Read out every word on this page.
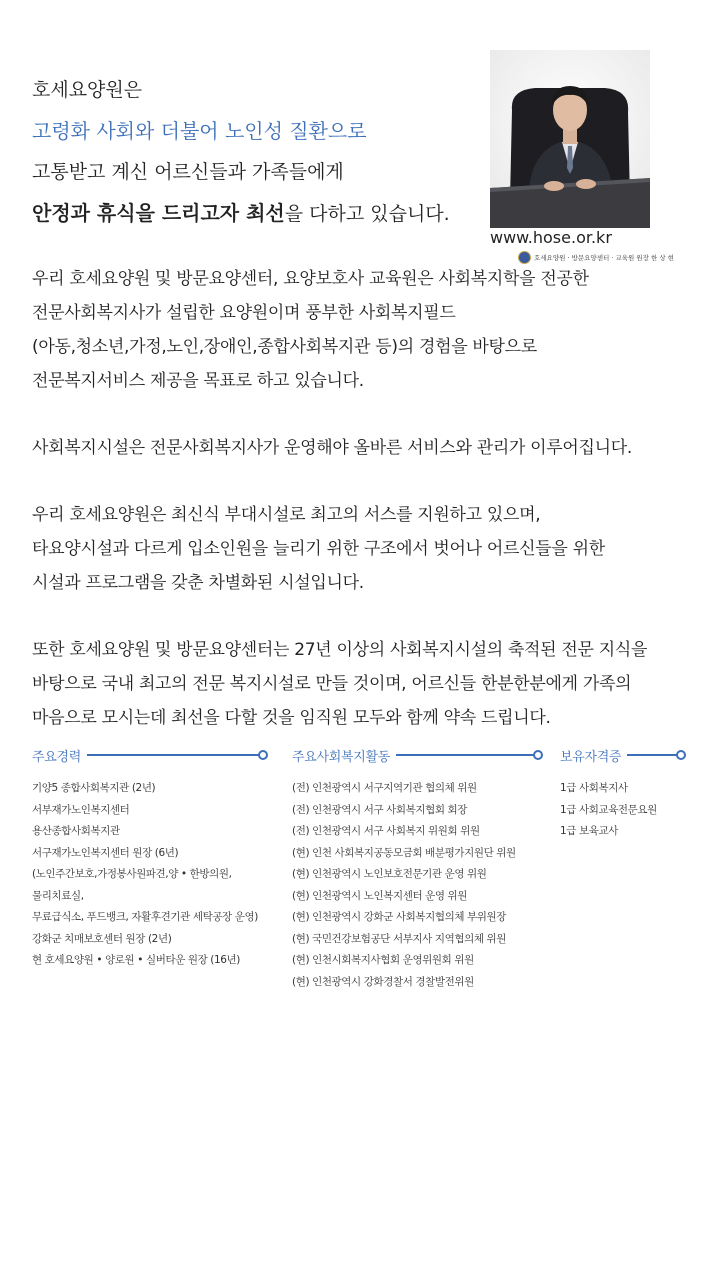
호세요양원은
고령화 사회와 더불어 노인성 질환으로
고통받고 계신 어르신들과 가족들에게
안정과 휴식을 드리고자 최선을 다하고 있습니다.
www.hose.or.kr
호세요양원 · 방문요양센터 · 교육원 원장 한 상 현
우리 호세요양원 및 방문요양센터, 요양보호사 교육원은 사회복지학을 전공한
전문사회복지사가 설립한 요양원이며 풍부한 사회복지필드
(아동,청소년,가정,노인,장애인,종합사회복지관 등)의 경험을 바탕으로
전문복지서비스 제공을 목표로 하고 있습니다.
사회복지시설은 전문사회복지사가 운영해야 올바른 서비스와 관리가 이루어집니다.
우리 호세요양원은 최신식 부대시설로 최고의 서스를 지원하고 있으며,
타요양시설과 다르게 입소인원을 늘리기 위한 구조에서 벗어나 어르신들을 위한
시설과 프로그램을 갖춘 차별화된 시설입니다.
또한 호세요양원 및 방문요양센터는 27년 이상의 사회복지시설의 축적된 전문 지식을
바탕으로 국내 최고의 전문 복지시설로 만들 것이며, 어르신들 한분한분에게 가족의
마음으로 모시는데 최선을 다할 것을 임직원 모두와 함께 약속 드립니다.
주요경력
기양5 종합사회복지관 (2년)
서부재가노인복지센터
용산종합사회복지관
서구재가노인복지센터 원장 (6년)
(노인주간보호,가정봉사원파견,양 • 한방의원,
물리치료실,
무료급식소, 푸드뱅크, 자활후견기관 세탁공장 운영)
강화군 치매보호센터 원장 (2년)
현 호세요양원 • 양로원 • 실버타운 원장 (16년)
주요사회복지활동
(전) 인천광역시 서구지역기관 협의체 위원
(전) 인천광역시 서구 사회복지협회 회장
(전) 인천광역시 서구 사회복지 위원회 위원
(현) 인천 사회복지공동모금회 배분평가지원단 위원
(현) 인천광역시 노인보호전문기관 운영 위원
(현) 인천광역시 노인복지센터 운영 위원
(현) 인천광역시 강화군 사회복지협의체 부위원장
(현) 국민건강보험공단 서부지사 지역협의체 위원
(현) 인천시회복지사협회 운영위원회 위원
(현) 인천광역시 강화경찰서 경찰발전위원
보유자격증
1급 사회복지사
1급 사회교육전문요원
1급 보육교사
